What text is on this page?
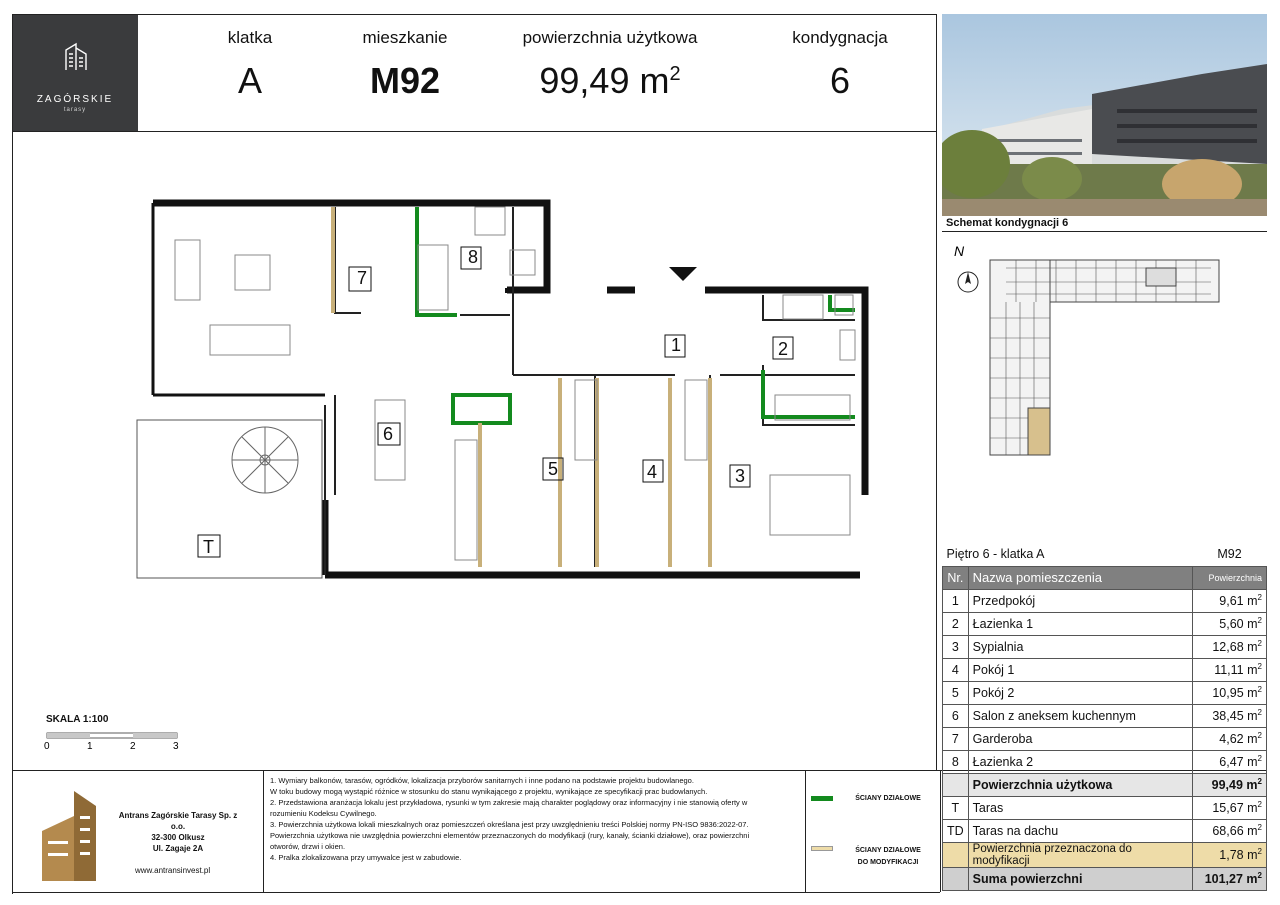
ZAGÓRSKIE
tarasy
klatka
A
mieszkanie
M92
powierzchnia użytkowa
99,49 $m^2$
kondygnacja
6
Schemat kondygnacji 6
N
1	2
3
4
5
6
7
8
T
SKALA 1:100
0	1	2	3
Piętro 6 - klatka A		M92
Nr.	Nazwa pomieszczenia	Powierzchnia
1	Przedpokój	9,61 $m^2$
2	Łazienka 1	5,60 $m^2$
3	Sypialnia	12,68 $m^2$
4	Pokój 1	11,11 $m^2$
5	Pokój 2	10,95 $m^2$
6	Salon z aneksem kuchennym	38,45 $m^2$
7	Garderoba	4,62 $m^2$
8	Łazienka 2	6,47 $m^2$
	Powierzchnia użytkowa	99,49 $m^2$
T	Taras	15,67 $m^2$
TD	Taras na dachu	68,66 $m^2$
	Powierzchnia przeznaczona do modyfikacji	1,78 $m^2$
	Suma powierzchni	101,27 $m^2$
Antrans Zagórskie Tarasy Sp. z o.o.
32-300 Olkusz
Ul. Zagaje 2A
www.antransinvest.pl
1. Wymiary balkonów, tarasów, ogródków, lokalizacja przyborów sanitarnych i inne podano na podstawie projektu budowlanego.
W toku budowy mogą wystąpić różnice w stosunku do stanu wynikającego z projektu, wynikające ze specyfikacji prac budowlanych.
2. Przedstawiona aranżacja lokalu jest przykładowa, rysunki w tym zakresie mają charakter poglądowy oraz informacyjny i nie stanowią oferty w
rozumieniu Kodeksu Cywilnego.
3. Powierzchnia użytkowa lokali mieszkalnych oraz pomieszczeń określana jest przy uwzględnieniu treści Polskiej normy PN-ISO 9836:2022-07.
Powierzchnia użytkowa nie uwzględnia powierzchni elementów przeznaczonych do modyfikacji (rury, kanały, ścianki działowe), oraz powierzchni
otworów, drzwi i okien.
4. Pralka zlokalizowana przy umywalce jest w zabudowie.
ŚCIANY DZIAŁOWE
ŚCIANY DZIAŁOWE
DO MODYFIKACJI
